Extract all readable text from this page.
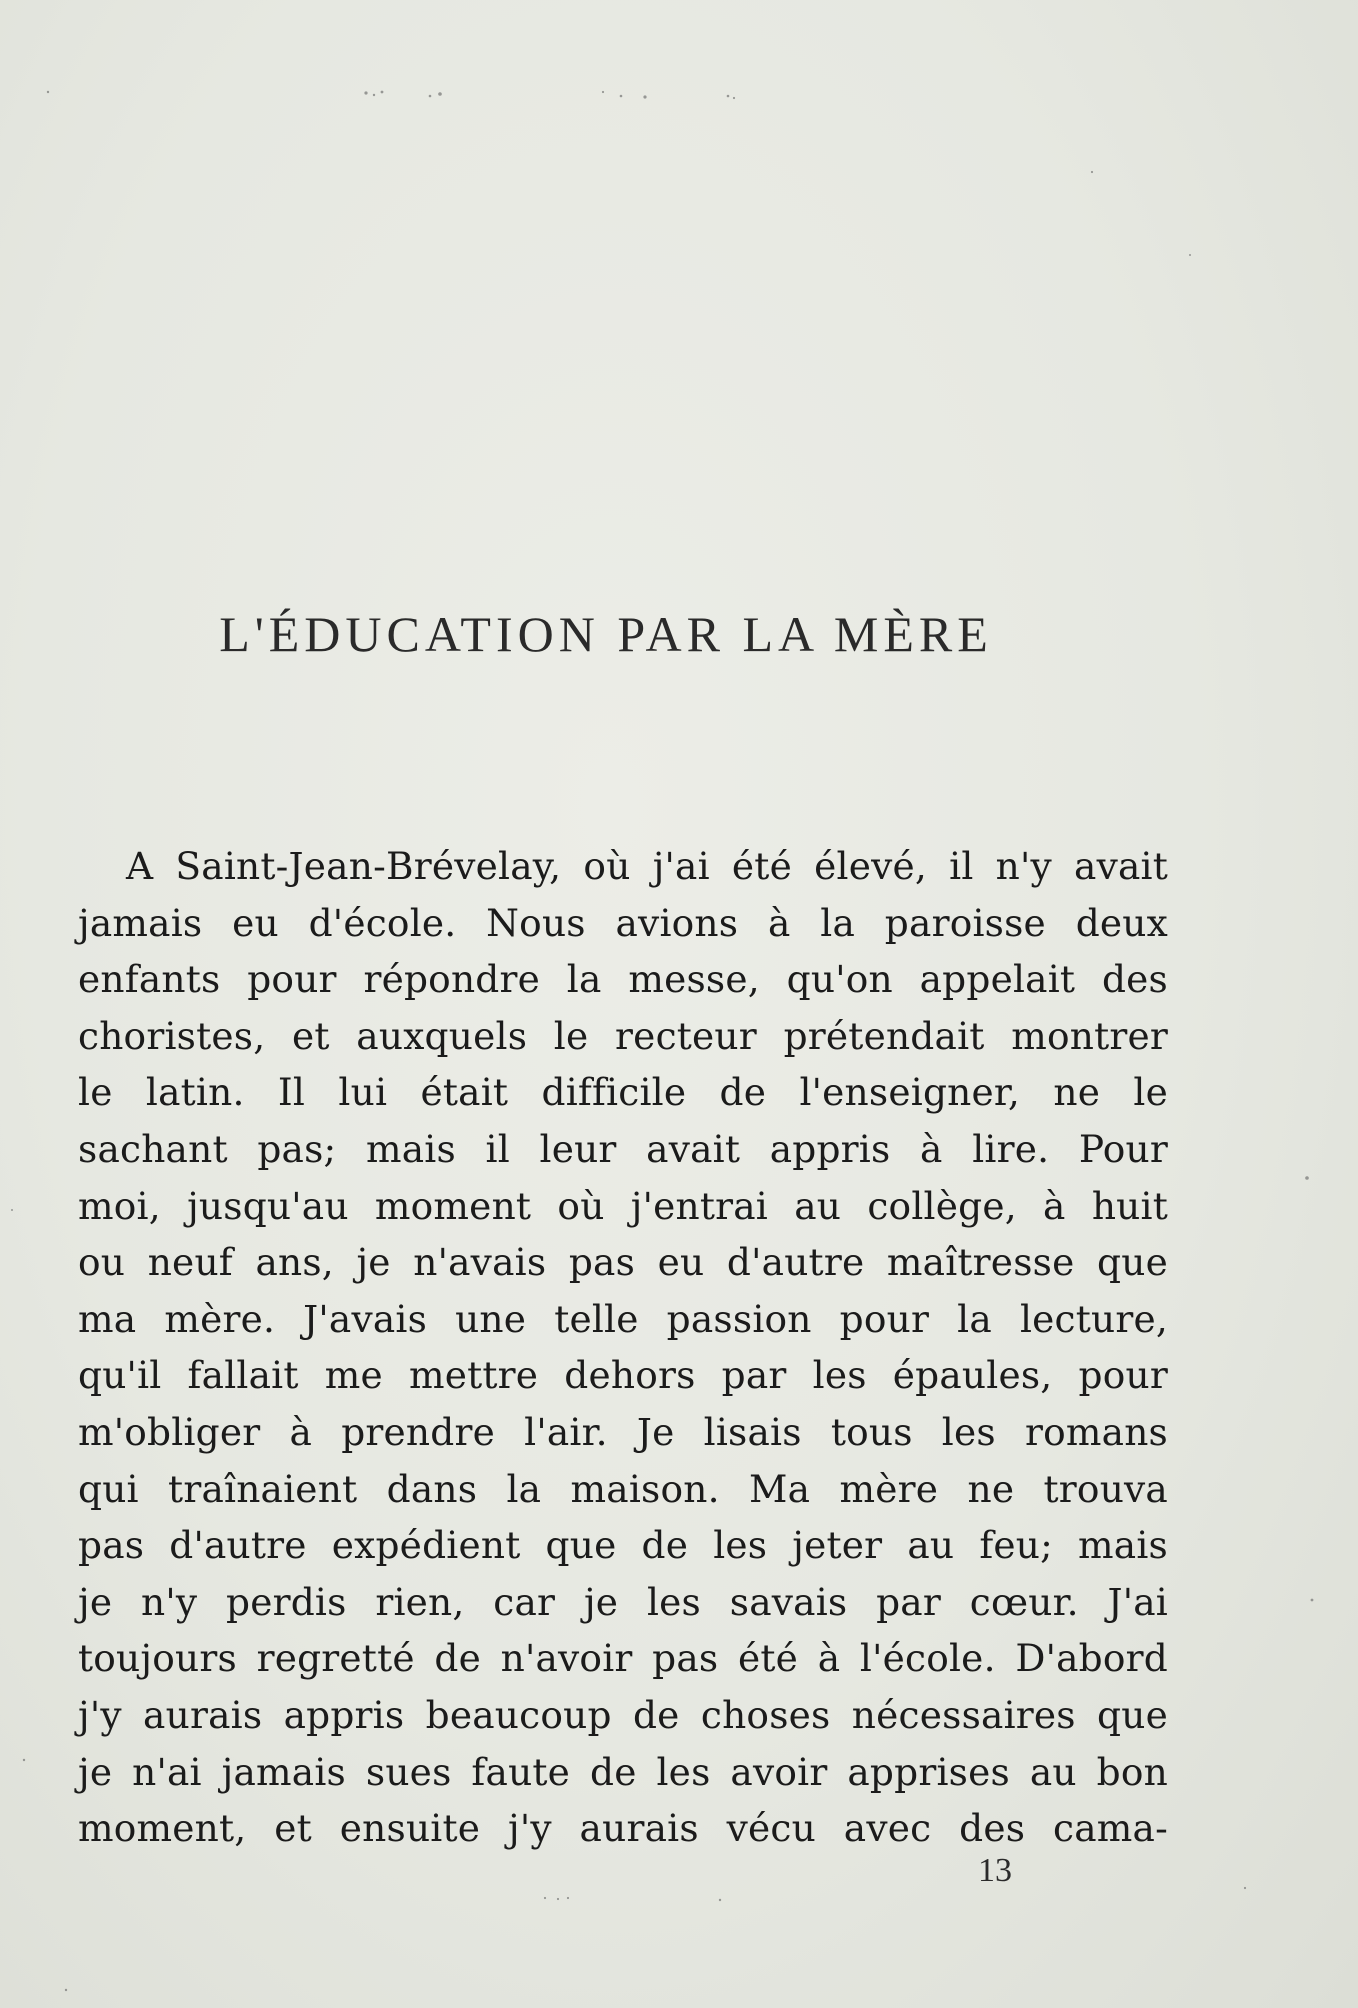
L'ÉDUCATION PAR LA MÈRE
A Saint-Jean-Brévelay, où j'ai été élevé, il n'y avait
jamais eu d'école. Nous avions à la paroisse deux
enfants pour répondre la messe, qu'on appelait des
choristes, et auxquels le recteur prétendait montrer
le latin. Il lui était difficile de l'enseigner, ne le
sachant pas; mais il leur avait appris à lire. Pour
moi, jusqu'au moment où j'entrai au collège, à huit
ou neuf ans, je n'avais pas eu d'autre maîtresse que
ma mère. J'avais une telle passion pour la lecture,
qu'il fallait me mettre dehors par les épaules, pour
m'obliger à prendre l'air. Je lisais tous les romans
qui traînaient dans la maison. Ma mère ne trouva
pas d'autre expédient que de les jeter au feu; mais
je n'y perdis rien, car je les savais par cœur. J'ai
toujours regretté de n'avoir pas été à l'école. D'abord
j'y aurais appris beaucoup de choses nécessaires que
je n'ai jamais sues faute de les avoir apprises au bon
moment, et ensuite j'y aurais vécu avec des cama-
13
